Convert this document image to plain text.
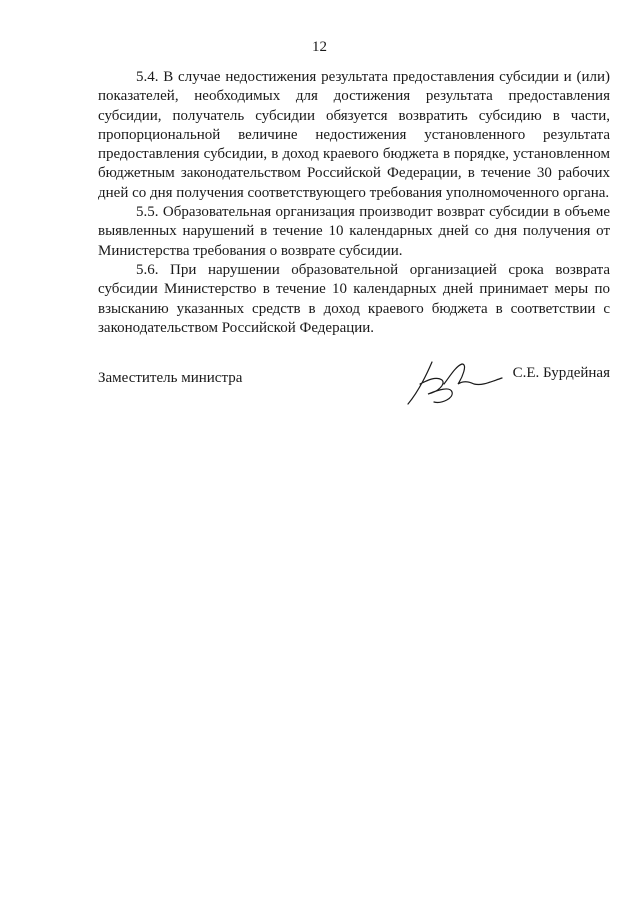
12

5.4. В случае недостижения результата предоставления субсидии и (или) показателей, необходимых для достижения результата предоставления субсидии, получатель субсидии обязуется возвратить субсидию в части, пропорциональной величине недостижения установленного результата предоставления субсидии, в доход краевого бюджета в порядке, установленном бюджетным законодательством Российской Федерации, в течение 30 рабочих дней со дня получения соответствующего требования уполномоченного органа.

5.5. Образовательная организация производит возврат субсидии в объеме выявленных нарушений в течение 10 календарных дней со дня получения от Министерства требования о возврате субсидии.

5.6. При нарушении образовательной организацией срока возврата субсидии Министерство в течение 10 календарных дней принимает меры по взысканию указанных средств в доход краевого бюджета в соответствии с законодательством Российской Федерации.

Заместитель министра	С.Е. Бурдейная
